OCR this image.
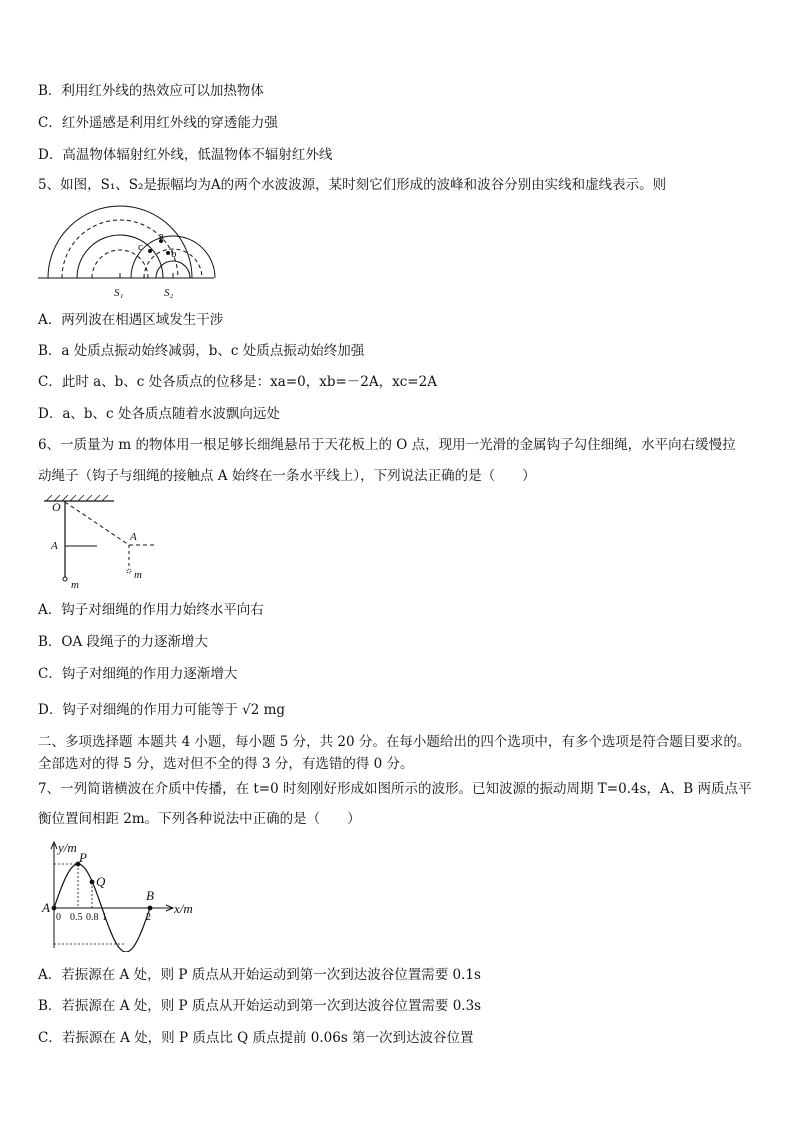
B．利用红外线的热效应可以加热物体
C．红外遥感是利用红外线的穿透能力强
D．高温物体辐射红外线，低温物体不辐射红外线
5、如图，S₁、S₂是振幅均为A的两个水波波源，某时刻它们形成的波峰和波谷分别由实线和虚线表示。则
a
b
c
S₁	S₂
A．两列波在相遇区域发生干涉
B．a 处质点振动始终减弱，b、c 处质点振动始终加强
C．此时 a、b、c 处各质点的位移是：xa=0，xb=－2A，xc=2A
D．a、b、c 处各质点随着水波飘向远处
6、一质量为 m 的物体用一根足够长细绳悬吊于天花板上的 O 点，现用一光滑的金属钩子勾住细绳，水平向右缓慢拉
动绳子（钩子与细绳的接触点 A 始终在一条水平线上），下列说法正确的是（　　）
O
A
A
m
m
A．钩子对细绳的作用力始终水平向右
B．OA 段绳子的力逐渐增大
C．钩子对细绳的作用力逐渐增大
D．钩子对细绳的作用力可能等于 √2 mg
二、多项选择题 本题共 4 小题，每小题 5 分，共 20 分。在每小题给出的四个选项中，有多个选项是符合题目要求的。
全部选对的得 5 分，选对但不全的得 3 分，有选错的得 0 分。
7、一列简谐横波在介质中传播，在 t=0 时刻刚好形成如图所示的波形。已知波源的振动周期 T=0.4s，A、B 两质点平
衡位置间相距 2m。下列各种说法中正确的是（　　）
y/m
x/m
P
Q
A
B
0 0.5 0.8 1	2
A．若振源在 A 处，则 P 质点从开始运动到第一次到达波谷位置需要 0.1s
B．若振源在 A 处，则 P 质点从开始运动到第一次到达波谷位置需要 0.3s
C．若振源在 A 处，则 P 质点比 Q 质点提前 0.06s 第一次到达波谷位置
